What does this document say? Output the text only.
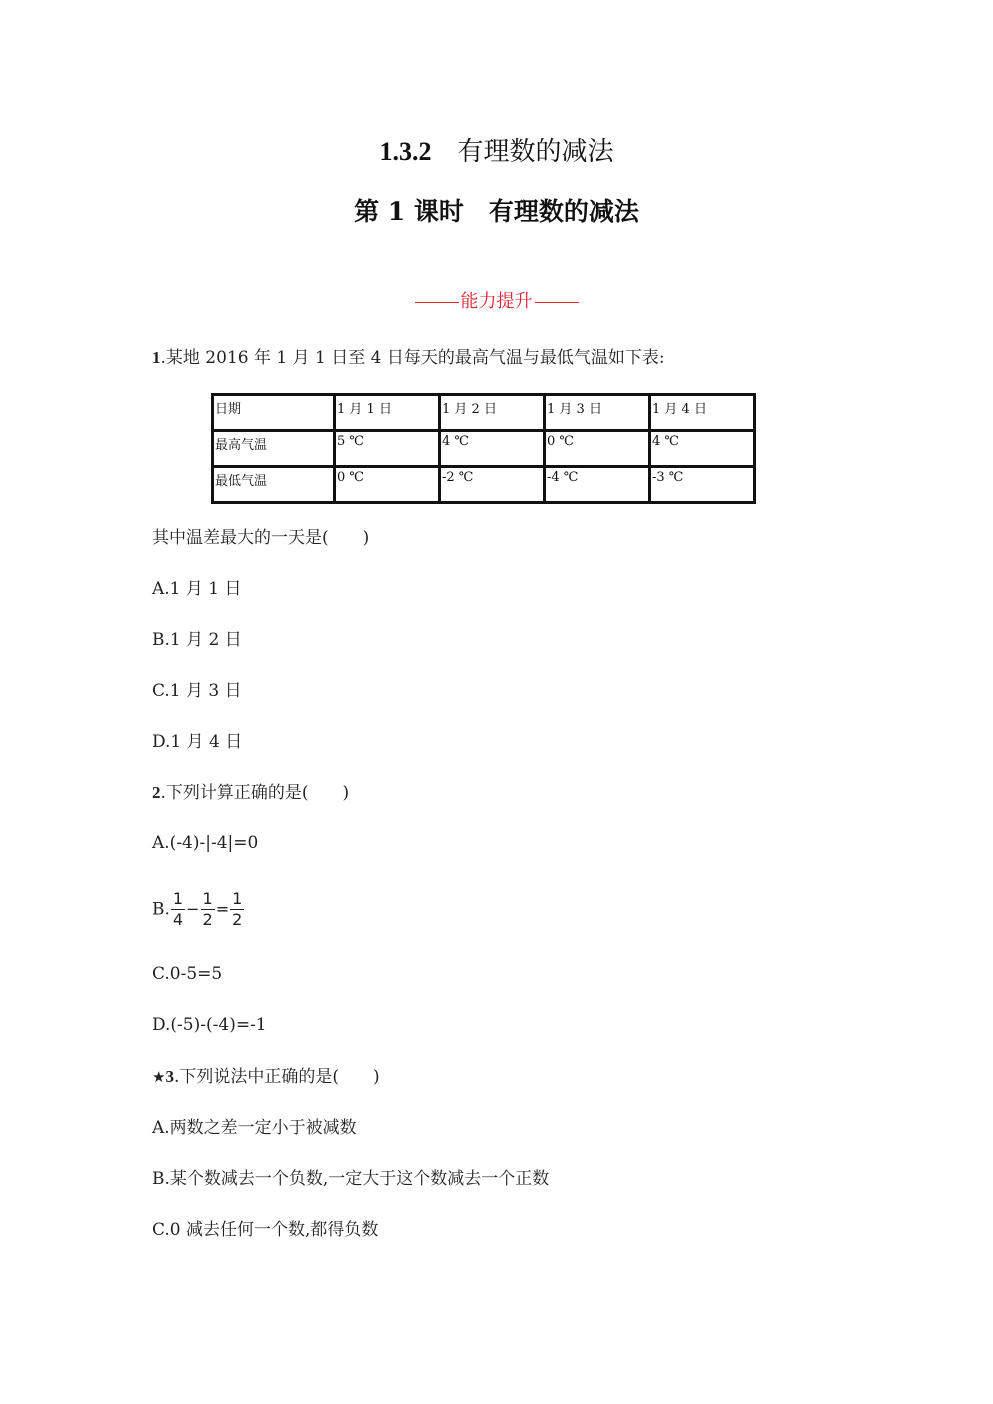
1.3.2 有理数的减法
第 1 课时　有理数的减法
能力提升
1.某地 2016 年 1 月 1 日至 4 日每天的最高气温与最低气温如下表:
日期	1 月 1 日	1 月 2 日	1 月 3 日	1 月 4 日
最高气温	5 ℃	4 ℃	0 ℃	4 ℃
最低气温	0 ℃	-2 ℃	-4 ℃	-3 ℃
其中温差最大的一天是(　　)
A.1 月 1 日
B.1 月 2 日
C.1 月 3 日
D.1 月 4 日
2.下列计算正确的是(　　)
A.(-4)-|-4|=0
B. $\frac{1}{4} - \frac{1}{2} = \frac{1}{2}$
C.0-5=5
D.(-5)-(-4)=-1
★3.下列说法中正确的是(　　)
A.两数之差一定小于被减数
B.某个数减去一个负数,一定大于这个数减去一个正数
C.0 减去任何一个数,都得负数
